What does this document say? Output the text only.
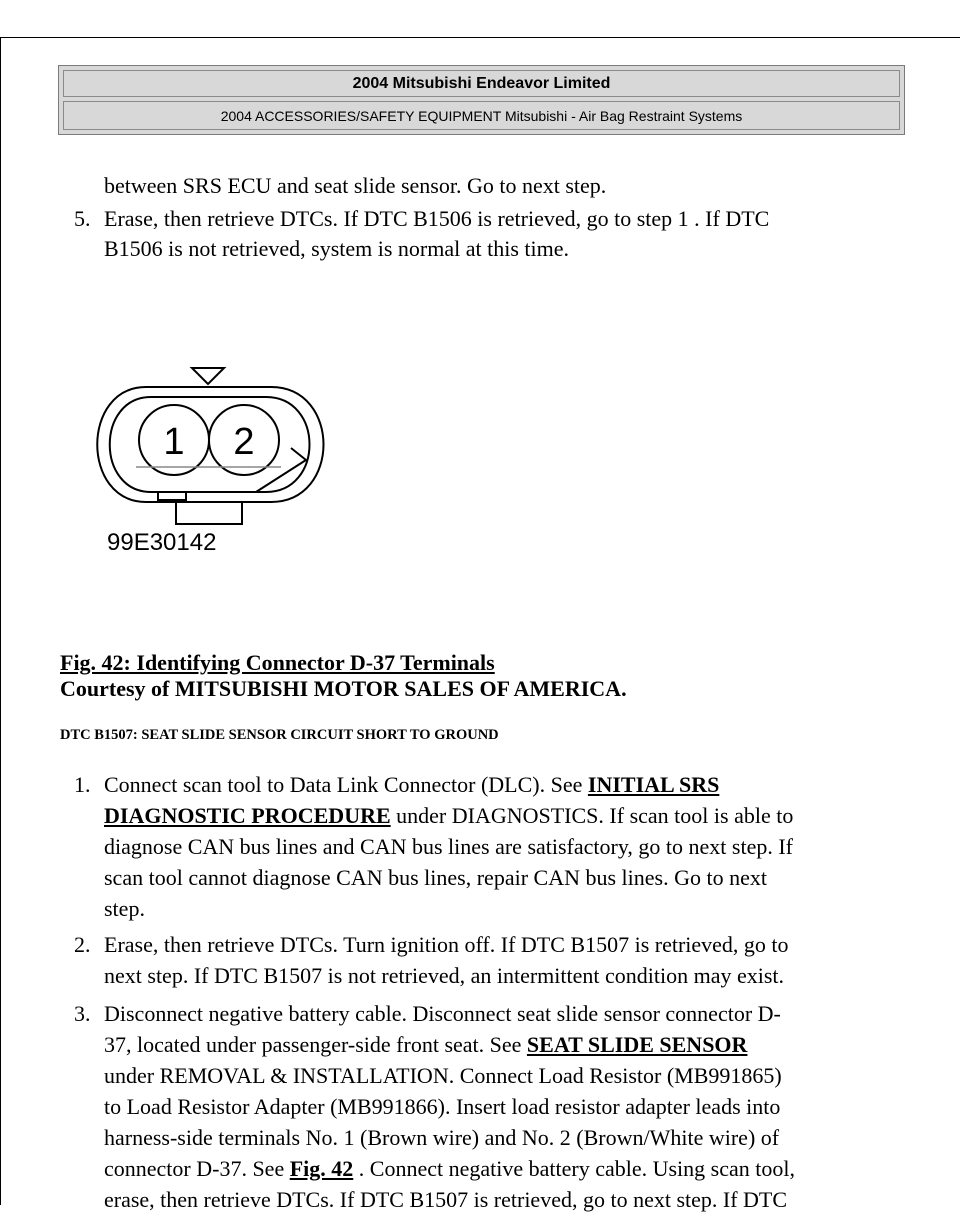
2004 Mitsubishi Endeavor Limited
2004 ACCESSORIES/SAFETY EQUIPMENT Mitsubishi - Air Bag Restraint Systems
between SRS ECU and seat slide sensor. Go to next step.
5. Erase, then retrieve DTCs. If DTC B1506 is retrieved, go to step 1 . If DTC
B1506 is not retrieved, system is normal at this time.
1 2
99E30142
Fig. 42: Identifying Connector D-37 Terminals
Courtesy of MITSUBISHI MOTOR SALES OF AMERICA.
DTC B1507: SEAT SLIDE SENSOR CIRCUIT SHORT TO GROUND
1. Connect scan tool to Data Link Connector (DLC). See INITIAL SRS
DIAGNOSTIC PROCEDURE under DIAGNOSTICS. If scan tool is able to
diagnose CAN bus lines and CAN bus lines are satisfactory, go to next step. If
scan tool cannot diagnose CAN bus lines, repair CAN bus lines. Go to next
step.
2. Erase, then retrieve DTCs. Turn ignition off. If DTC B1507 is retrieved, go to
next step. If DTC B1507 is not retrieved, an intermittent condition may exist.
3. Disconnect negative battery cable. Disconnect seat slide sensor connector D-
37, located under passenger-side front seat. See SEAT SLIDE SENSOR
under REMOVAL & INSTALLATION. Connect Load Resistor (MB991865)
to Load Resistor Adapter (MB991866). Insert load resistor adapter leads into
harness-side terminals No. 1 (Brown wire) and No. 2 (Brown/White wire) of
connector D-37. See Fig. 42 . Connect negative battery cable. Using scan tool,
erase, then retrieve DTCs. If DTC B1507 is retrieved, go to next step. If DTC
